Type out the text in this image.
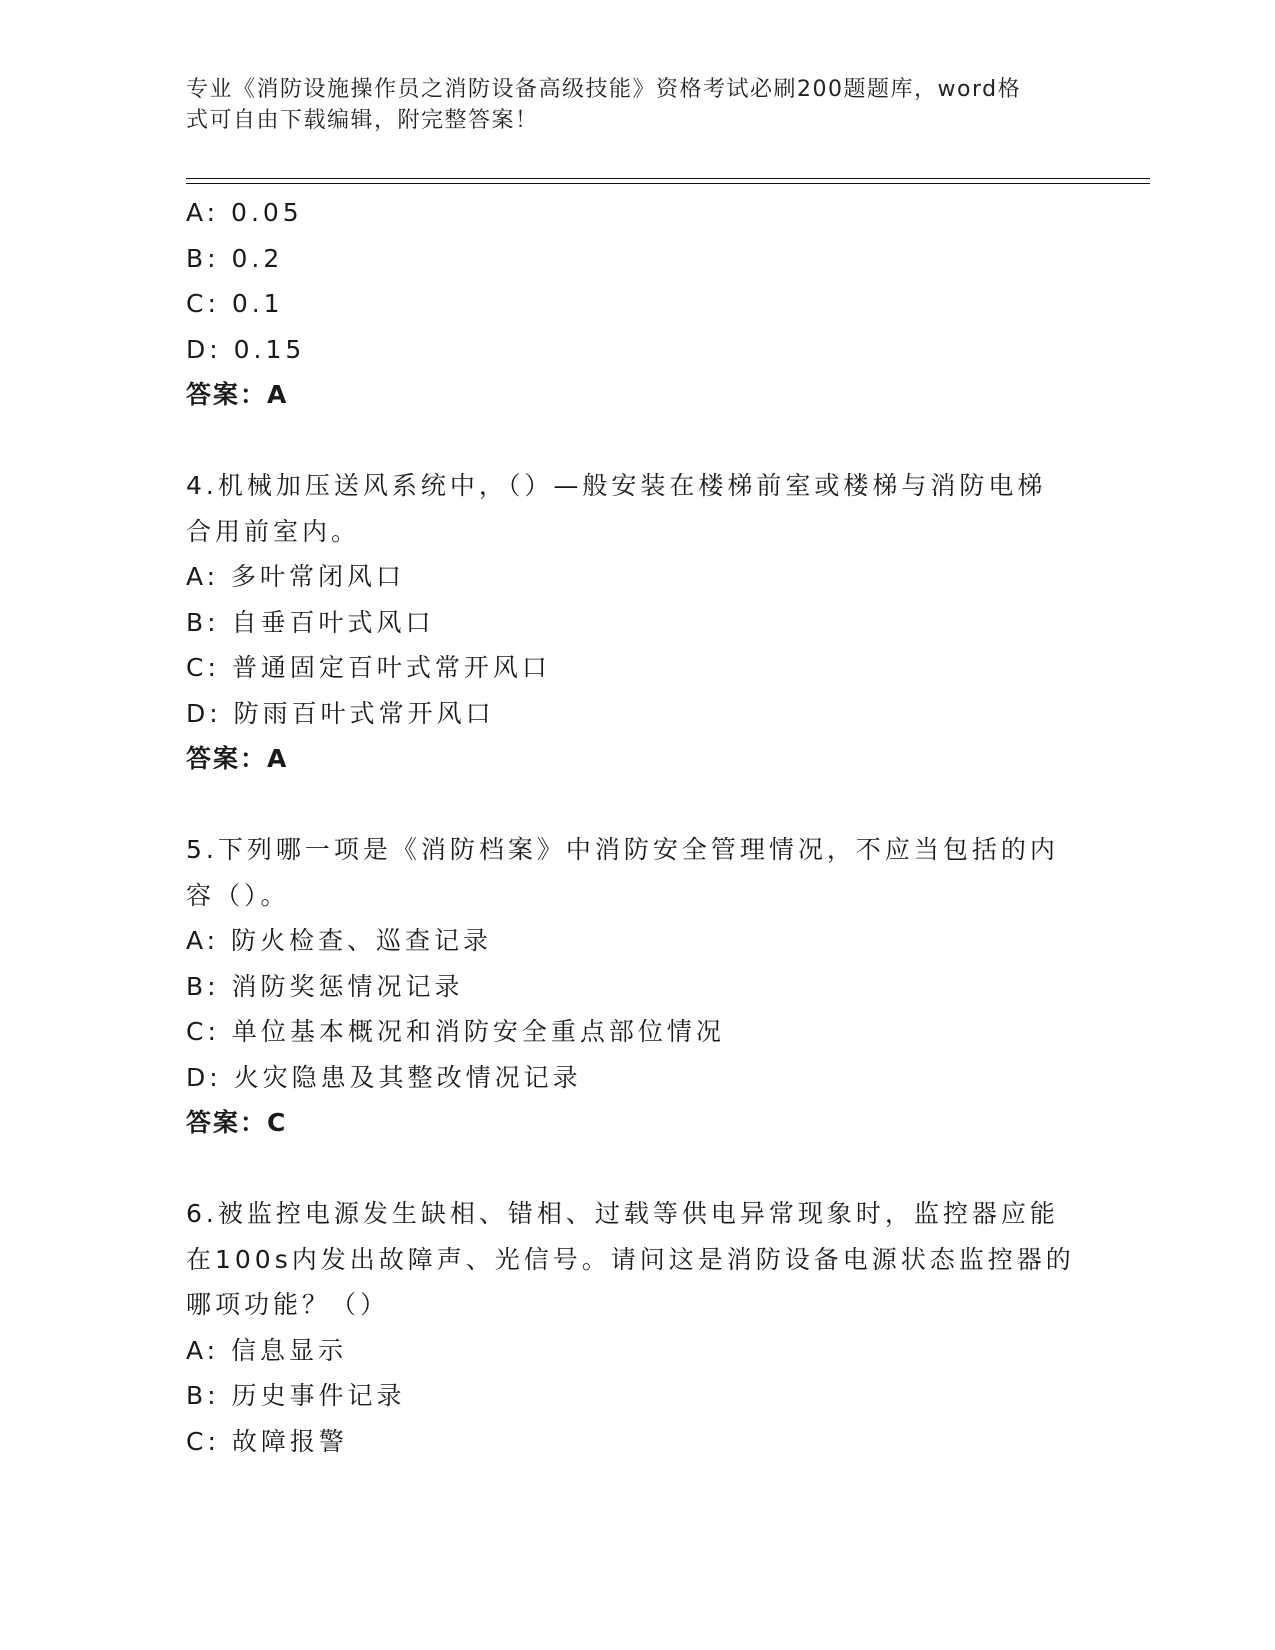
专业《消防设施操作员之消防设备高级技能》资格考试必刷200题题库，word格
式可自由下载编辑，附完整答案！
A: 0.05
B: 0.2
C: 0.1
D: 0.15
答案：A
4.机械加压送风系统中，（）—般安装在楼梯前室或楼梯与消防电梯
合用前室内。
A: 多叶常闭风口
B: 自垂百叶式风口
C: 普通固定百叶式常开风口
D: 防雨百叶式常开风口
答案：A
5.下列哪一项是《消防档案》中消防安全管理情况，不应当包括的内
容（）。
A: 防火检查、巡查记录
B: 消防奖惩情况记录
C: 单位基本概况和消防安全重点部位情况
D: 火灾隐患及其整改情况记录
答案：C
6.被监控电源发生缺相、错相、过载等供电异常现象时，监控器应能
在100s内发出故障声、光信号。请问这是消防设备电源状态监控器的
哪项功能？（）
A: 信息显示
B: 历史事件记录
C: 故障报警
